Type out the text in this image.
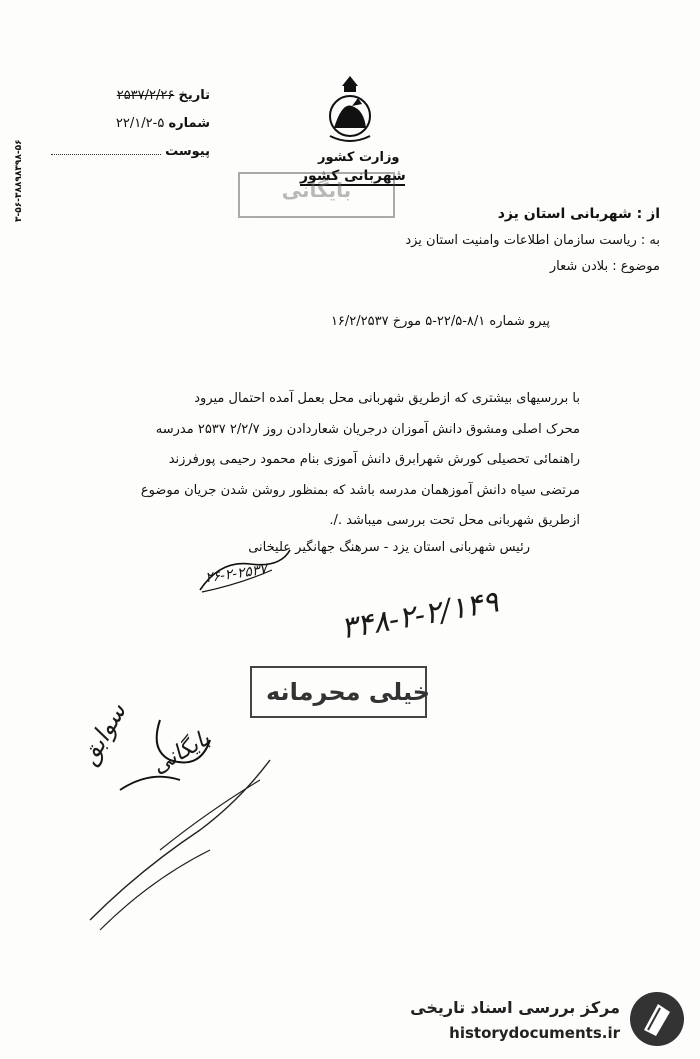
۳-۵۶-۳۸۸۹۸۳۹۸-۵۶
تاریخ ۲۵۳۷/۲/۲۶
شماره ۵-۲۲/۱/۲
پیوست	وزارت کشور
شهربانی کشور
بایگانی
از : شهربانی استان یزد
به : ریاست سازمان اطلاعات وامنیت استان یزد
موضوع : بلادن شعار
پیرو شماره ۸/۱-۲۲/۵-۵ مورخ ۱۶/۲/۲۵۳۷
با بررسیهای بیشتری که ازطریق شهربانی محل بعمل آمده احتمال میرود
محرک اصلی ومشوق دانش آموزان درجریان شعاردادن روز ۲/۲/۷ ۲۵۳۷ مدرسه
راهنمائی تحصیلی کورش شهرابرق دانش آموزی بنام محمود رحیمی پورفرزند
مرتضی سیاه دانش آموزهمان مدرسه باشد که بمنظور روشن شدن جریان موضوع
ازطریق شهربانی محل تحت بررسی میباشد ./.
رئیس شهربانی استان یزد - سرهنگ جهانگیر علیخانی
۲۶-۲-۲۵۳۷
۳۴۸-۲-۲/۱۴۹
خیلی محرمانه
سوابق بایگانی
مرکز بررسی اسناد تاریخی
historydocuments.ir
